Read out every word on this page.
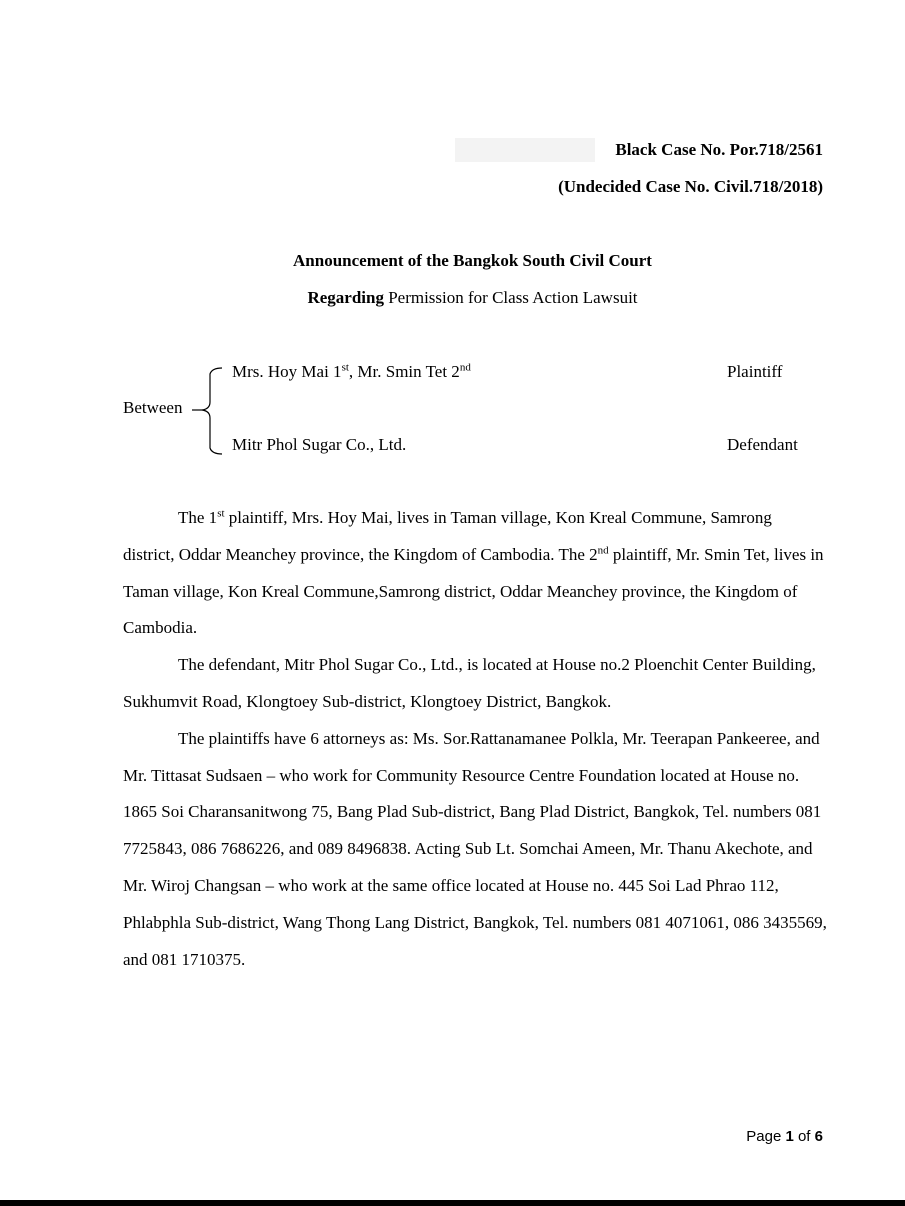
Black Case No. Por.718/2561
(Undecided Case No. Civil.718/2018)
Announcement of the Bangkok South Civil Court
Regarding Permission for Class Action Lawsuit
Between
Mrs. Hoy Mai 1st, Mr. Smin Tet 2nd	Plaintiff
Mitr Phol Sugar Co., Ltd.	Defendant

The 1st plaintiff, Mrs. Hoy Mai, lives in Taman village, Kon Kreal Commune, Samrong district, Oddar Meanchey province, the Kingdom of Cambodia. The 2nd plaintiff, Mr. Smin Tet, lives in Taman village, Kon Kreal Commune,Samrong district, Oddar Meanchey province, the Kingdom of Cambodia.

The defendant, Mitr Phol Sugar Co., Ltd., is located at House no.2 Ploenchit Center Building, Sukhumvit Road, Klongtoey Sub-district, Klongtoey District, Bangkok.

The plaintiffs have 6 attorneys as: Ms. Sor.Rattanamanee Polkla, Mr. Teerapan Pankeeree, and Mr. Tittasat Sudsaen – who work for Community Resource Centre Foundation located at House no. 1865 Soi Charansanitwong 75, Bang Plad Sub-district, Bang Plad District, Bangkok, Tel. numbers 081 7725843, 086 7686226, and 089 8496838. Acting Sub Lt. Somchai Ameen, Mr. Thanu Akechote, and Mr. Wiroj Changsan – who work at the same office located at House no. 445 Soi Lad Phrao 112, Phlabphla Sub-district, Wang Thong Lang District, Bangkok, Tel. numbers 081 4071061, 086 3435569, and 081 1710375.

Page 1 of 6
